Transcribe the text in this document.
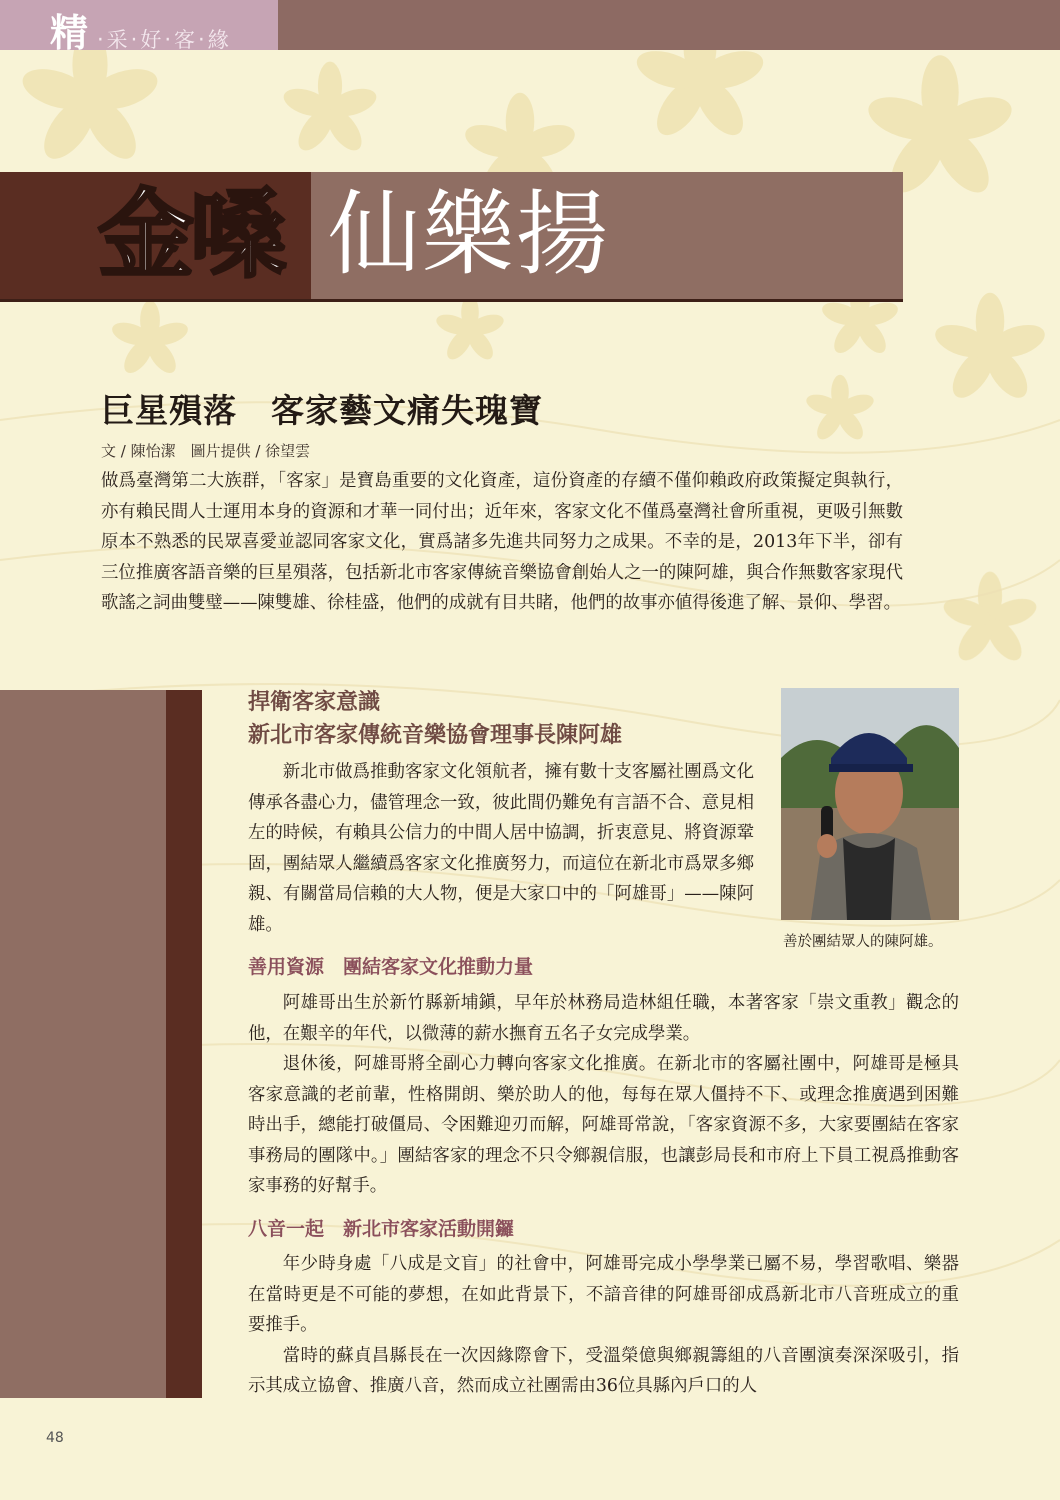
精 ‧采‧好‧客‧緣
金嗓 仙樂揚
巨星殞落　客家藝文痛失瑰寶
文 / 陳怡潔　圖片提供 / 徐望雲

做爲臺灣第二大族群，「客家」是寶島重要的文化資產，這份資產的存續不僅仰賴政府政策擬定與執行，亦有賴民間人士運用本身的資源和才華一同付出；近年來，客家文化不僅爲臺灣社會所重視，更吸引無數原本不熟悉的民眾喜愛並認同客家文化，實爲諸多先進共同努力之成果。不幸的是，2013年下半，卻有三位推廣客語音樂的巨星殞落，包括新北市客家傳統音樂協會創始人之一的陳阿雄，與合作無數客家現代歌謠之詞曲雙璧——陳雙雄、徐桂盛，他們的成就有目共睹，他們的故事亦値得後進了解、景仰、學習。

捍衛客家意識
新北市客家傳統音樂協會理事長陳阿雄

新北市做爲推動客家文化領航者，擁有數十支客屬社團爲文化傳承各盡心力，儘管理念一致，彼此間仍難免有言語不合、意見相左的時候，有賴具公信力的中間人居中協調，折衷意見、將資源鞏固，團結眾人繼續爲客家文化推廣努力，而這位在新北市爲眾多鄉親、有關當局信賴的大人物，便是大家口中的「阿雄哥」——陳阿雄。

善於團結眾人的陳阿雄。
善用資源　團結客家文化推動力量

阿雄哥出生於新竹縣新埔鎭，早年於林務局造林組任職，本著客家「崇文重教」觀念的他，在艱辛的年代，以微薄的薪水撫育五名子女完成學業。

退休後，阿雄哥將全副心力轉向客家文化推廣。在新北市的客屬社團中，阿雄哥是極具客家意識的老前輩，性格開朗、樂於助人的他，每每在眾人僵持不下、或理念推廣遇到困難時出手，總能打破僵局、令困難迎刃而解，阿雄哥常說，「客家資源不多，大家要團結在客家事務局的團隊中。」團結客家的理念不只令鄉親信服，也讓彭局長和市府上下員工視爲推動客家事務的好幫手。

八音一起　新北市客家活動開鑼

年少時身處「八成是文盲」的社會中，阿雄哥完成小學學業已屬不易，學習歌唱、樂器在當時更是不可能的夢想，在如此背景下，不諳音律的阿雄哥卻成爲新北市八音班成立的重要推手。

當時的蘇貞昌縣長在一次因緣際會下，受溫榮億與鄉親籌組的八音團演奏深深吸引，指示其成立協會、推廣八音，然而成立社團需由36位具縣內戶口的人

48
